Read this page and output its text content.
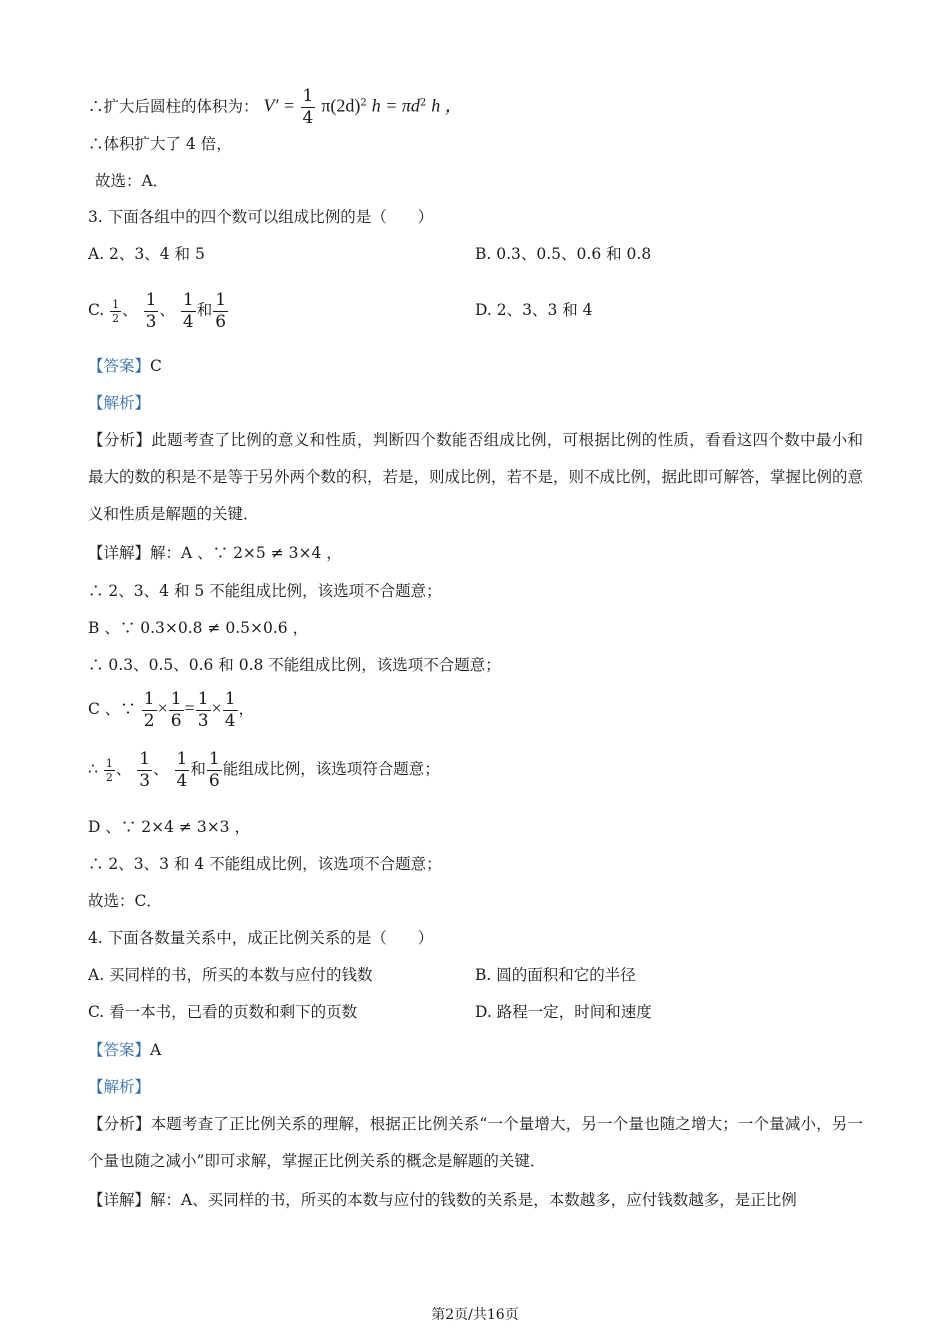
∴扩大后圆柱的体积为： $V' = \frac{1}{4} \pi(2d)^2$ $h = \pi d^2$ h ，
∴体积扩大了 4 倍，
故选：A．
3. 下面各组中的四个数可以组成比例的是（　　）
A. 2、3、4 和 5	B. 0.3、0.5、0.6 和 0.8
C. $\frac{1}{2}$ 、 $\frac{1}{3}$ 、 $\frac{1}{4}$ 和 $\frac{1}{6}$	D. 2、3、3 和 4
【答案】C
【解析】
【分析】此题考查了比例的意义和性质，判断四个数能否组成比例，可根据比例的性质，看看这四个数中最小和最大的数的积是不是等于另外两个数的积，若是，则成比例，若不是，则不成比例，据此即可解答，掌握比例的意义和性质是解题的关键．
【详解】解：A 、∵ 2×5 ≠ 3×4 ，
∴ 2、3、4 和 5 不能组成比例，该选项不合题意；
B 、∵ 0.3×0.8 ≠ 0.5×0.6 ，
∴ 0.3、0.5、0.6 和 0.8 不能组成比例，该选项不合题意；
C 、∵ $\frac{1}{2} \times \frac{1}{6} = \frac{1}{3} \times \frac{1}{4}$ ，
∴ $\frac{1}{2}$ 、 $\frac{1}{3}$ 、 $\frac{1}{4}$ 和 $\frac{1}{6}$ 能组成比例，该选项符合题意；
D 、∵ 2×4 ≠ 3×3 ，
∴ 2、3、3 和 4 不能组成比例，该选项不合题意；
故选：C．
4. 下面各数量关系中，成正比例关系的是（　　）
A. 买同样的书，所买的本数与应付的钱数	B. 圆的面积和它的半径
C. 看一本书，已看的页数和剩下的页数	D. 路程一定，时间和速度
【答案】A
【解析】
【分析】本题考查了正比例关系的理解，根据正比例关系“一个量增大，另一个量也随之增大；一个量减小，另一个量也随之减小”即可求解，掌握正比例关系的概念是解题的关键．
【详解】解：A、买同样的书，所买的本数与应付的钱数的关系是，本数越多，应付钱数越多，是正比例
第2页/共16页
